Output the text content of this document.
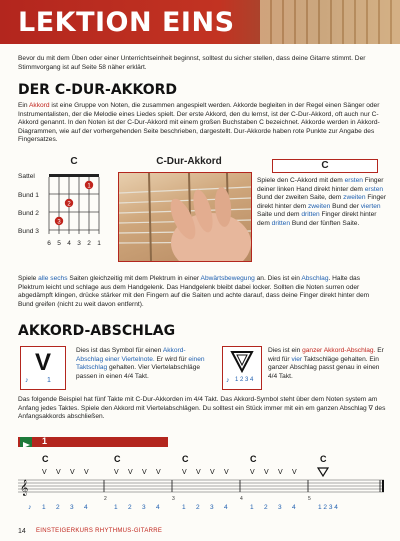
LEKTION EINS

Bevor du mit dem Üben oder einer Unterrichtseinheit beginnst, solltest du sicher stellen, dass deine Gitarre stimmt. Der Stimmvorgang ist auf Seite 58 näher erklärt.

DER C-DUR-AKKORD

Ein Akkord ist eine Gruppe von Noten, die zusammen angespielt werden. Akkorde begleiten in der Regel einen Sänger oder Instrumentalisten, der die Melodie eines Liedes spielt. Der erste Akkord, den du lernst, ist der C-Dur-Akkord, oft auch nur C-Akkord genannt. In den Noten ist der C-Dur-Akkord mit einem großen Buchstaben C bezeichnet. Akkorde werden in Akkord-Diagrammen, wie auf der vorhergehenden Seite beschrieben, dargestellt. Dur-Akkorde haben rote Punkte zur Angabe des Fingersatzes.

C
Sattel
Bund 1
Bund 2
Bund 3
1
2
3
6 5 4 3 2 1
C-Dur-Akkord	C

Spiele den C-Akkord mit dem ersten Finger deiner linken Hand direkt hinter dem ersten Bund der zweiten Saite, dem zweiten Finger direkt hinter dem zweiten Bund der vierten Saite und dem dritten Finger direkt hinter dem dritten Bund der fünften Saite.

Spiele alle sechs Saiten gleichzeitig mit dem Plektrum in einer Abwärtsbewegung an. Dies ist ein Abschlag. Halte das Plektrum leicht und schlage aus dem Handgelenk. Das Handgelenk bleibt dabei locker. Sollten die Noten surren oder abgedämpft klingen, drücke stärker mit den Fingern auf die Saiten und achte darauf, dass deine Finger direkt hinter dem Bund greifen (nicht zu weit davon entfernt).

AKKORD-ABSCHLAG
V
♪	1

Dies ist das Symbol für einen Akkord-Abschlag einer Viertelnote. Er wird für einen Taktschlag gehalten. Vier Viertelabschläge passen in einen 4/4 Takt.

♪ 1 2 3 4

Dies ist ein ganzer Akkord-Abschlag. Er wird für vier Taktschläge gehalten. Ein ganzer Abschlag passt genau in einen 4/4 Takt.

Das folgende Beispiel hat fünf Takte mit C-Dur-Akkorden im 4/4 Takt. Das Akkord-Symbol steht über dem Noten system am Anfang jedes Taktes. Spiele den Akkord mit Viertelabschlägen. Du solltest ein Stück immer mit ein em ganzen Abschlag ∇ des Anfangsakkords abschließen.

1
C	C	C	C	C
V V V V	V V V V	V V V V	V V V V
𝄞
2	3	4	5
♪ 1 2 3 4	1 2 3 4	1 2 3 4	1 2 3 4	1 2 3 4
14 EINSTEIGERKURS RHYTHMUS-GITARRE
